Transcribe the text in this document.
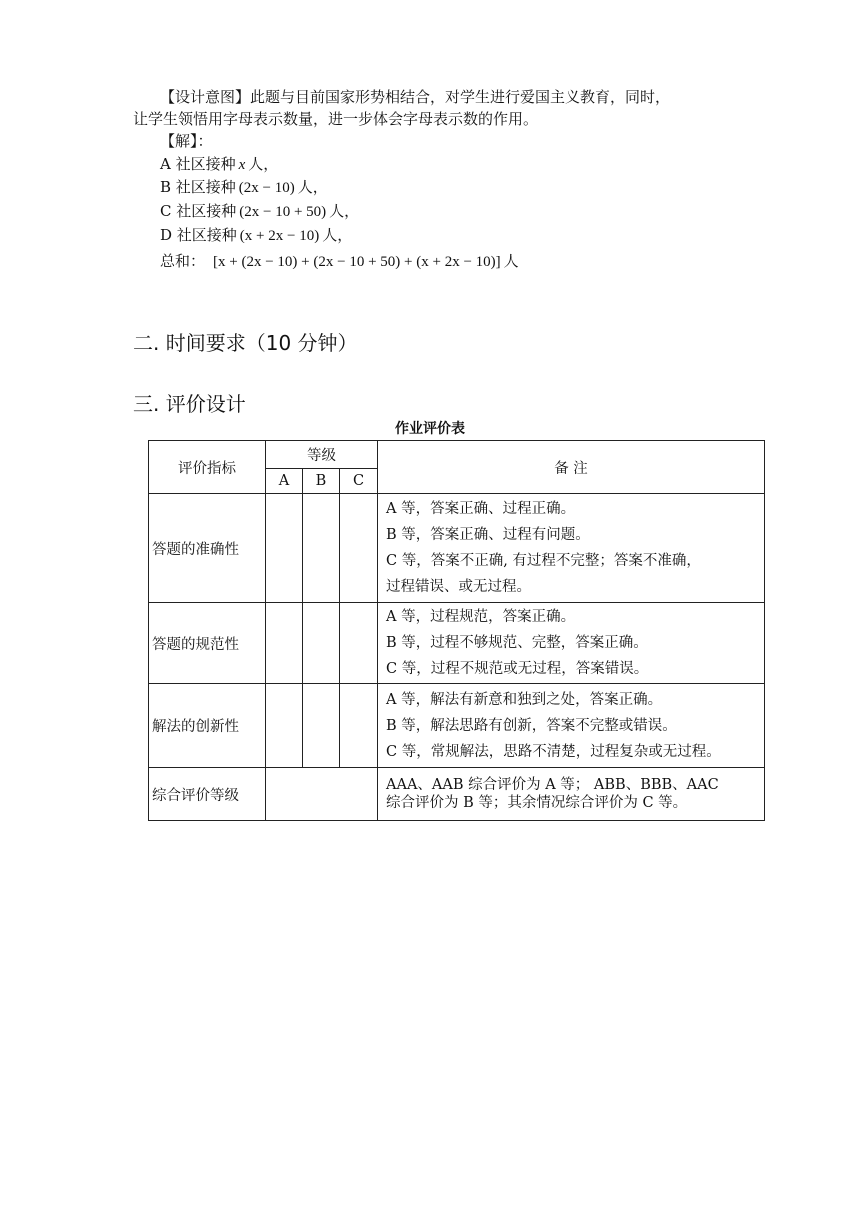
【设计意图】此题与目前国家形势相结合，对学生进行爱国主义教育，同时，
让学生领悟用字母表示数量，进一步体会字母表示数的作用。
【解】：
A 社区接种 x 人，
B 社区接种 (2x − 10) 人，
C 社区接种 (2x − 10 + 50) 人，
D 社区接种 (x + 2x − 10) 人，
总和： [x + (2x − 10) + (2x − 10 + 50) + (x + 2x − 10)] 人
二. 时间要求（10 分钟）
三. 评价设计
作业评价表
评价指标	等级			备 注
	A	B	C	
答题的准确性				A 等，答案正确、过程正确。

B 等，答案正确、过程有问题。

C 等，答案不正确, 有过程不完整；答案不准确，

过程错误、或无过程。

答题的规范性				A 等，过程规范，答案正确。

B 等，过程不够规范、完整，答案正确。

C 等，过程不规范或无过程，答案错误。

解法的创新性				A 等，解法有新意和独到之处，答案正确。

B 等，解法思路有创新，答案不完整或错误。

C 等，常规解法，思路不清楚，过程复杂或无过程。

综合评价等级				AAA、AAB 综合评价为 A 等； ABB、BBB、AAC

综合评价为 B 等；其余情况综合评价为 C 等。
